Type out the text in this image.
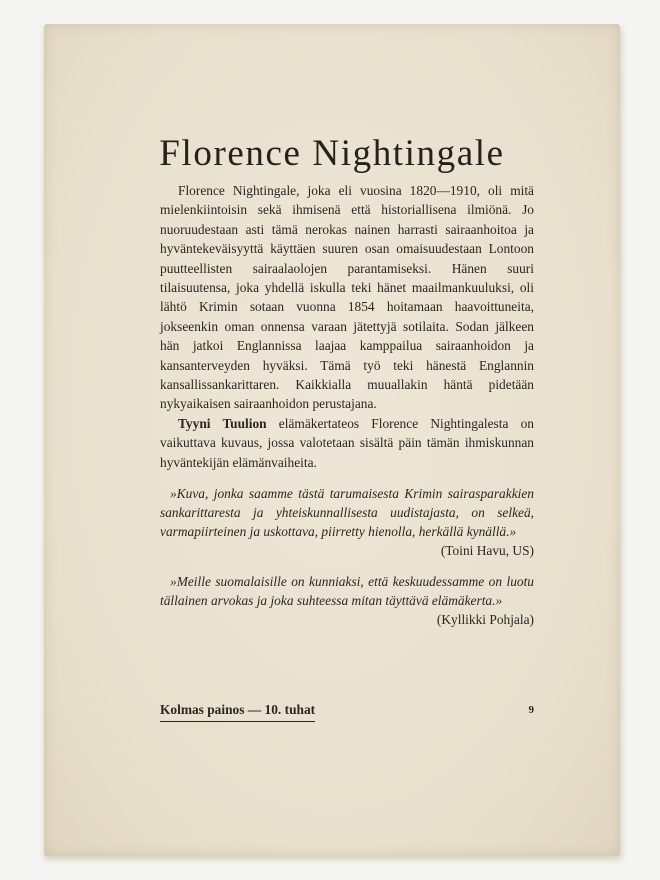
Florence Nightingale

Florence Nightingale, joka eli vuosina 1820—1910, oli mitä mielenkiintoisin sekä ihmisenä että historiallisena ilmiönä. Jo nuoruudestaan asti tämä nerokas nainen harrasti sairaanhoitoa ja hyväntekeväisyyttä käyttäen suuren osan omaisuudestaan Lontoon puutteellisten sairaalaolojen parantamiseksi. Hänen suuri tilaisuutensa, joka yhdellä iskulla teki hänet maailmankuuluksi, oli lähtö Krimin sotaan vuonna 1854 hoitamaan haavoittuneita, jokseenkin oman onnensa varaan jätettyjä sotilaita. Sodan jälkeen hän jatkoi Englannissa laajaa kamppailua sairaanhoidon ja kansanterveyden hyväksi. Tämä työ teki hänestä Englannin kansallissankarittaren. Kaikkialla muuallakin häntä pidetään nykyaikaisen sairaanhoidon perustajana.

Tyyni Tuulion elämäkertateos Florence Nightingalesta on vaikuttava kuvaus, jossa valotetaan sisältä päin tämän ihmiskunnan hyväntekijän elämänvaiheita.

»Kuva, jonka saamme tästä tarumaisesta Krimin sairasparakkien sankarittaresta ja yhteiskunnallisesta uudistajasta, on selkeä, varmapiirteinen ja uskottava, piirretty hienolla, herkällä kynällä.»
(Toini Havu, US)

»Meille suomalaisille on kunniaksi, että keskuudessamme on luotu tällainen arvokas ja joka suhteessa mitan täyttävä elämäkerta.»
(Kyllikki Pohjala)

Kolmas painos — 10. tuhat	9
